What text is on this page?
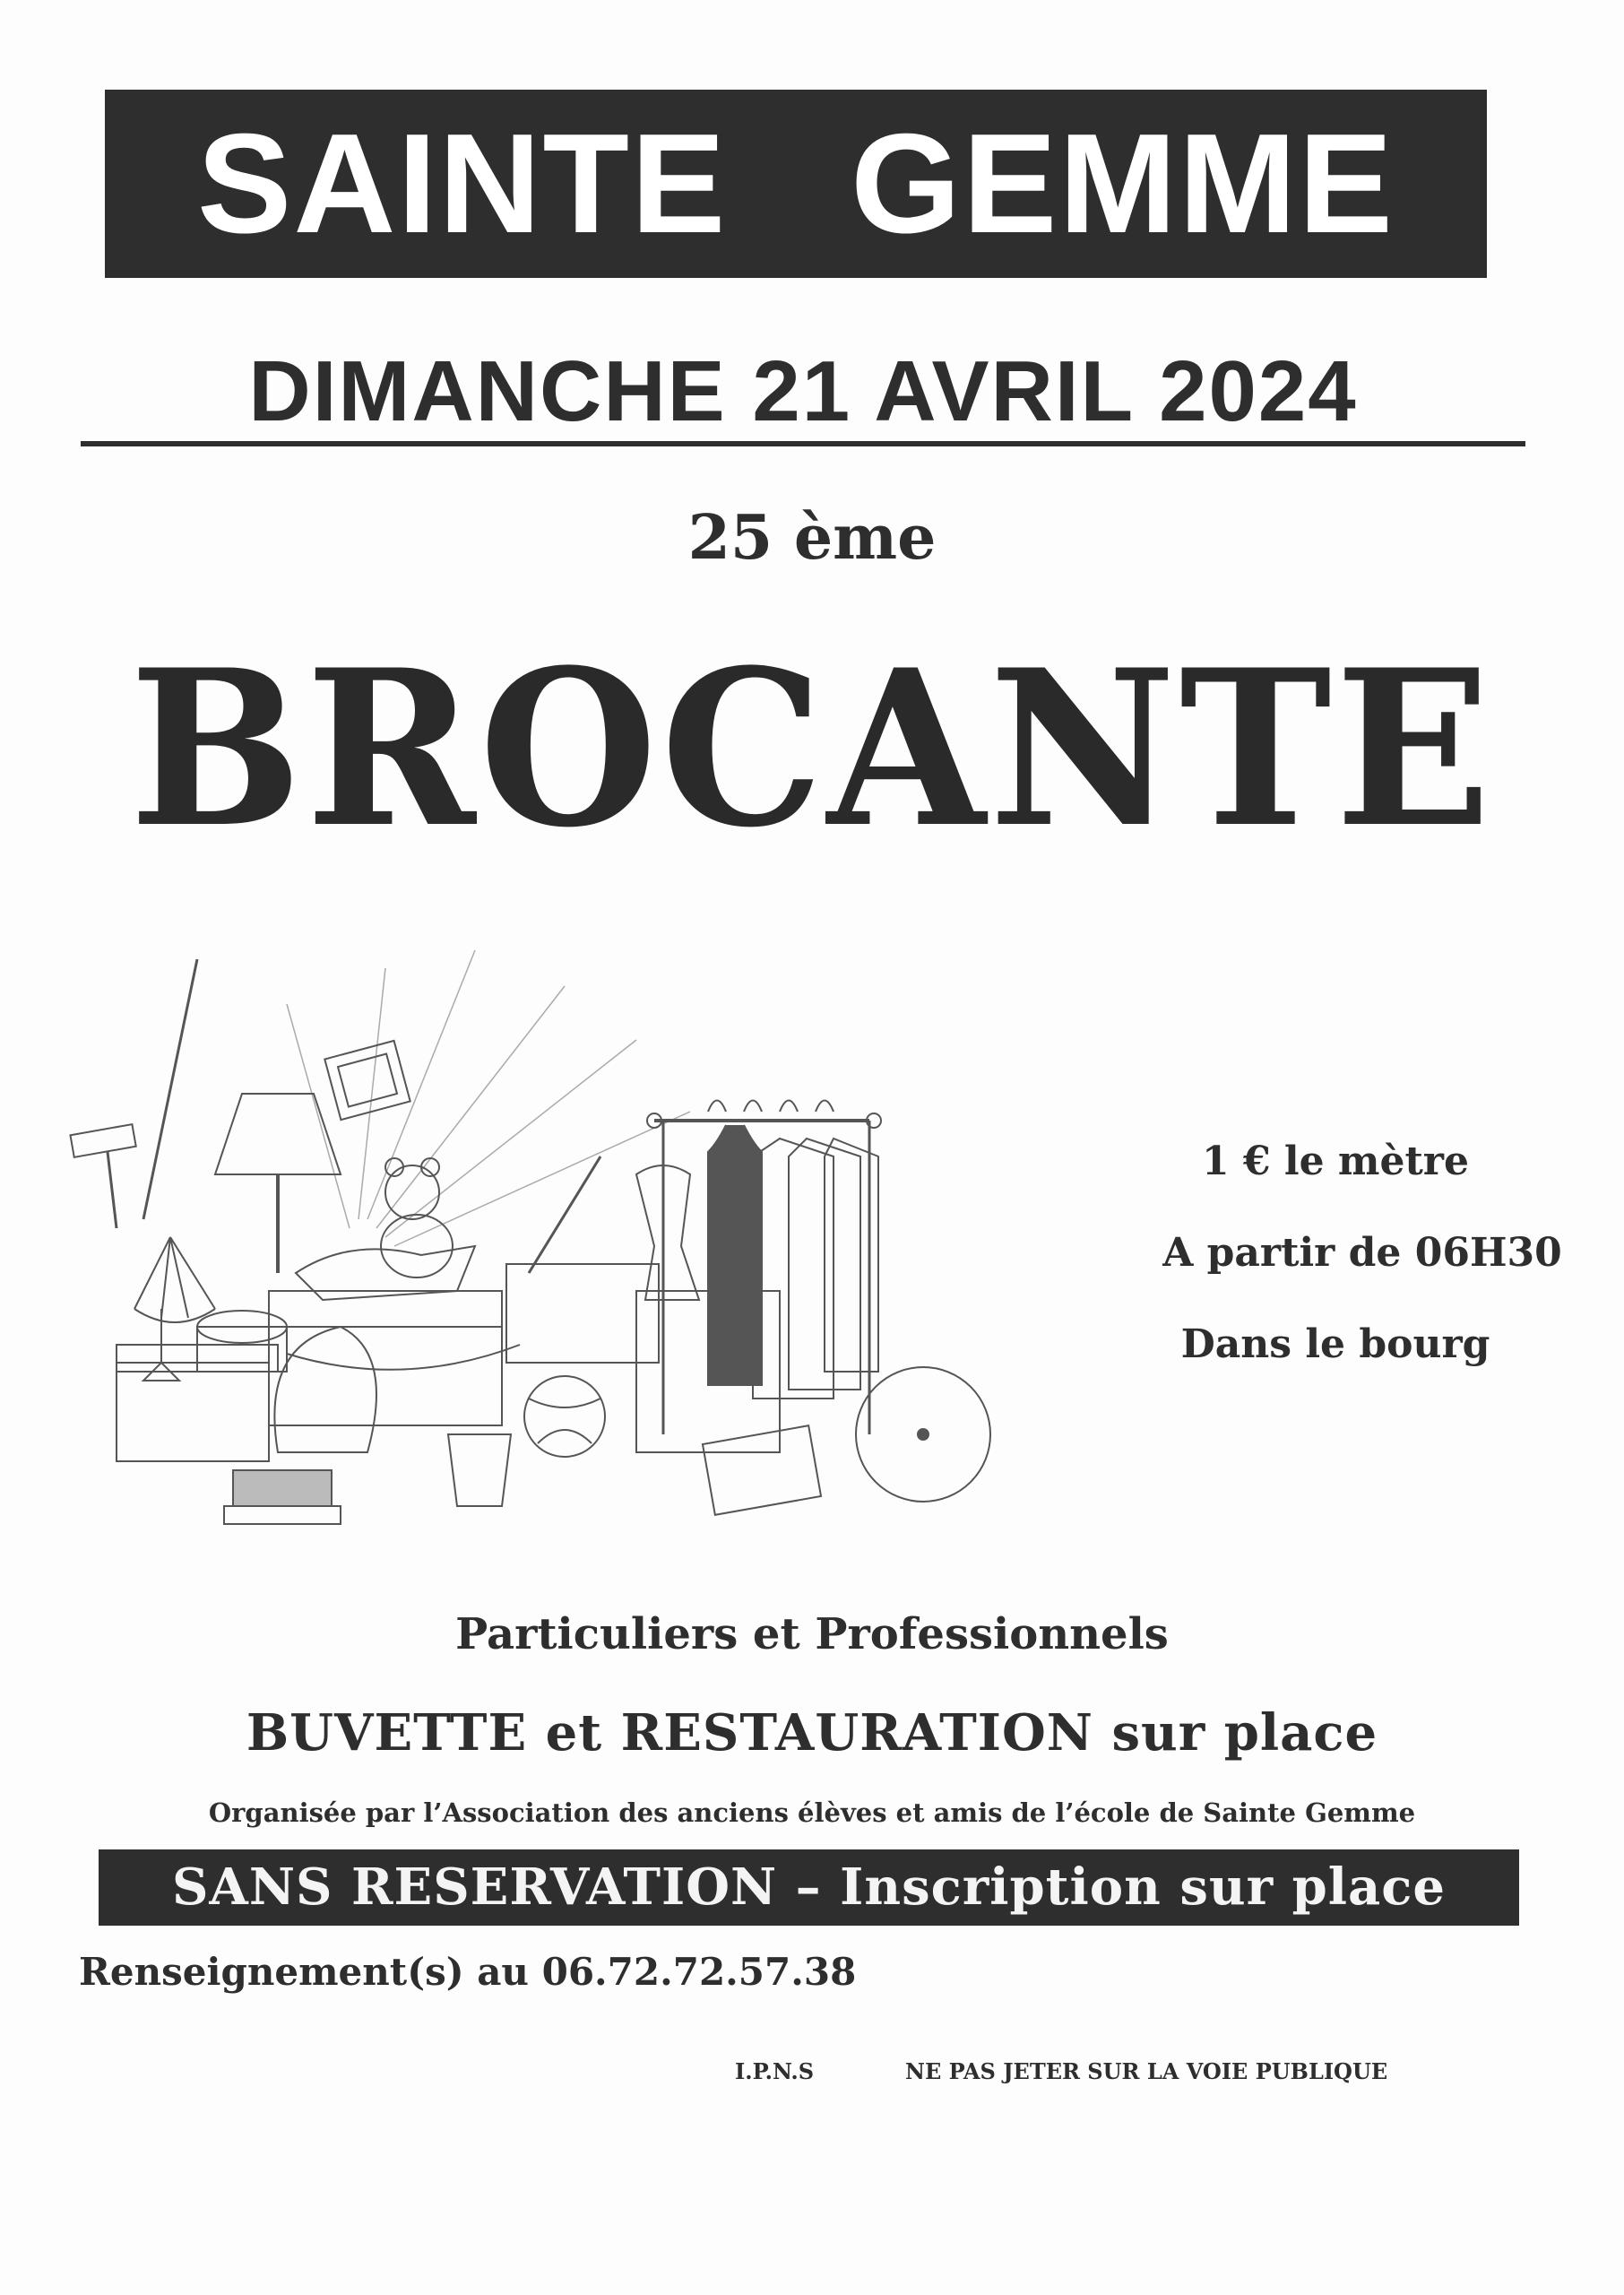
SAINTE   GEMME
DIMANCHE 21 AVRIL 2024
25 ème
BROCANTE
1 € le mètre
A partir de 06H30
Dans le bourg
Particuliers et Professionnels
BUVETTE et RESTAURATION sur place
Organisée par l’Association des anciens élèves et amis de l’école de Sainte Gemme
SANS RESERVATION – Inscription sur place
Renseignement(s) au 06.72.72.57.38
I.P.N.S	NE PAS JETER SUR LA VOIE PUBLIQUE
